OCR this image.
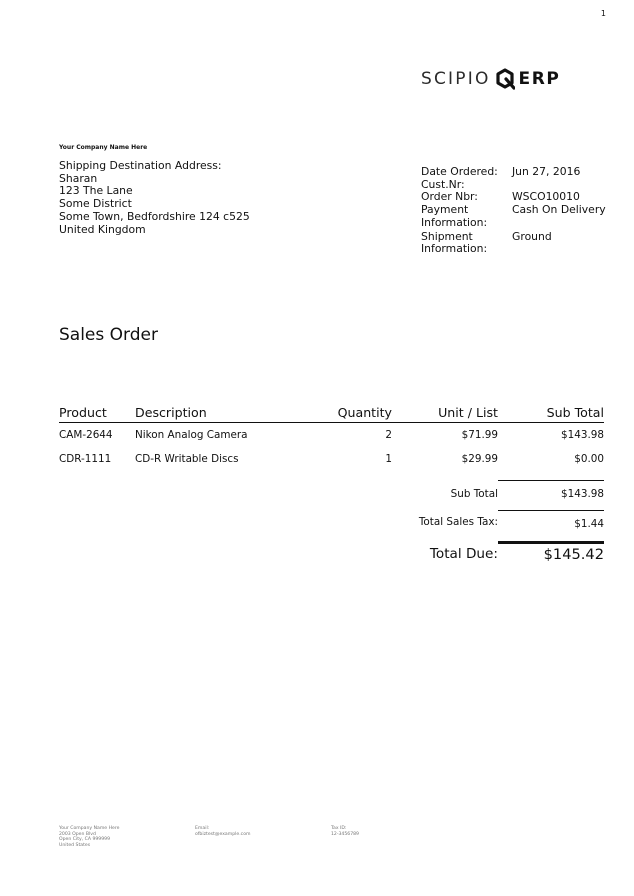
1
SCIPIO ERP
Your Company Name Here
Shipping Destination Address:
Sharan
123 The Lane
Some District
Some Town, Bedfordshire 124 c525
United Kingdom
Date Ordered:	Jun 27, 2016
Cust.Nr:
Order Nbr:	WSCO10010
Payment
Information:
Cash On Delivery
Shipment
Information:
Ground
Sales Order
Product Description	Quantity	Unit / List	Sub Total
CAM-2644 Nikon Analog Camera	2	$71.99	$143.98
CDR-1111 CD-R Writable Discs	1	$29.99	$0.00
Sub Total	$143.98
Total Sales Tax:	$1.44
Total Due:	$145.42
Your Company Name Here
2003 Open Blvd
Open City, CA 999999
United States
Email:
ofbiztest@example.com
Tax ID:
12-3456789
